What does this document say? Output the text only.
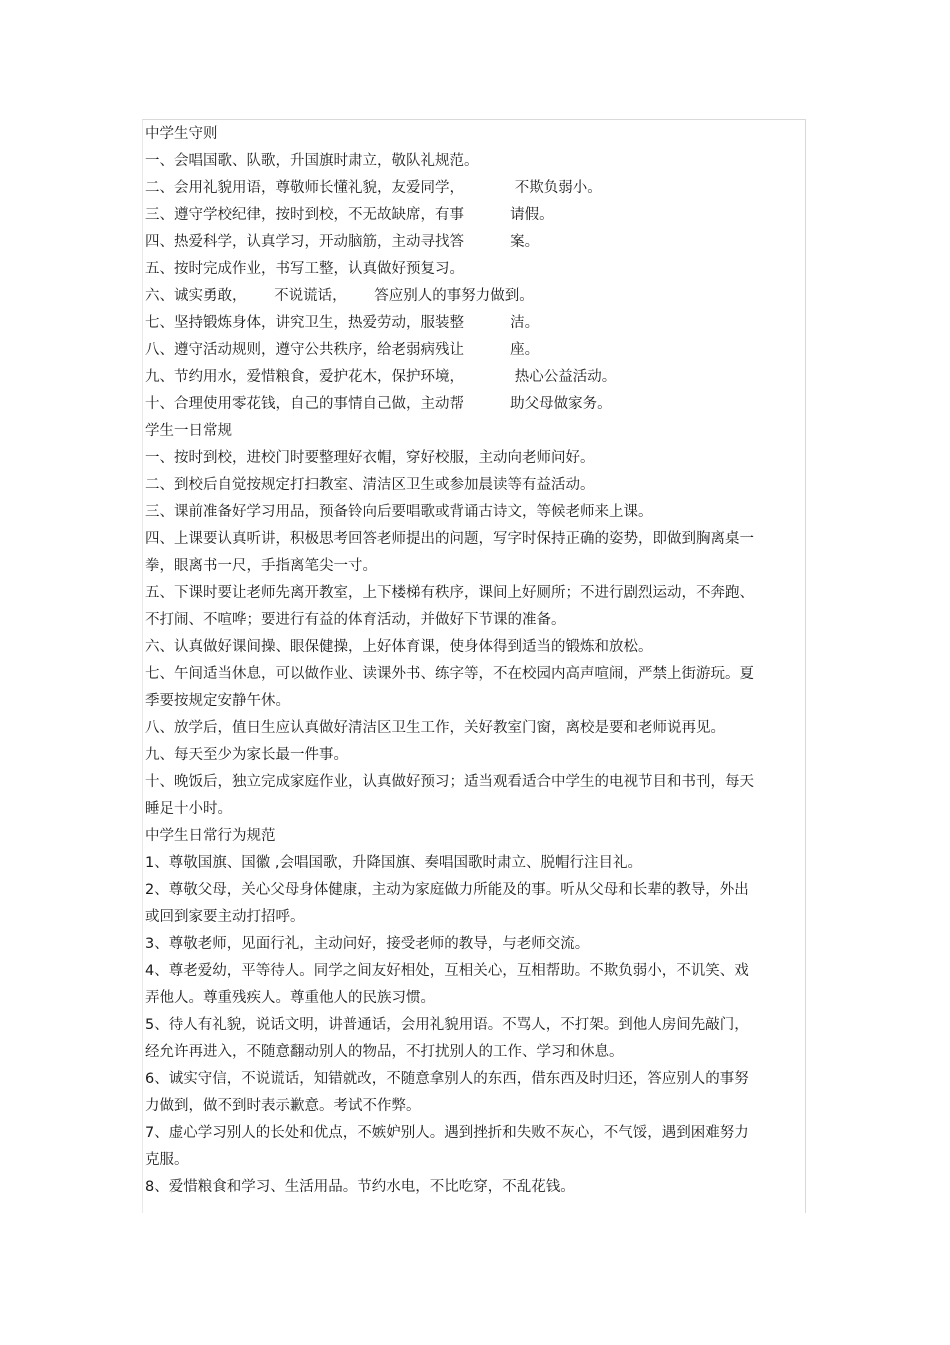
中学生守则
一、会唱国歌、队歌，升国旗时肃立，敬队礼规范。
二、会用礼貌用语，尊敬师长懂礼貌，友爱同学，           不欺负弱小。
三、遵守学校纪律，按时到校，不无故缺席，有事          请假。
四、热爱科学，认真学习，开动脑筋，主动寻找答          案。
五、按时完成作业，书写工整，认真做好预复习。
六、诚实勇敢，      不说谎话，      答应别人的事努力做到。
七、坚持锻炼身体，讲究卫生，热爱劳动，服装整          洁。
八、遵守活动规则，遵守公共秩序，给老弱病残让          座。
九、节约用水，爱惜粮食，爱护花木，保护环境，           热心公益活动。
十、合理使用零花钱，自己的事情自己做，主动帮          助父母做家务。
学生一日常规
一、按时到校，进校门时要整理好衣帽，穿好校服，主动向老师问好。
二、到校后自觉按规定打扫教室、清洁区卫生或参加晨读等有益活动。
三、课前准备好学习用品，预备铃向后要唱歌或背诵古诗文，等候老师来上课。
四、上课要认真听讲，积极思考回答老师提出的问题，写字时保持正确的姿势，即做到胸离桌一拳，眼离书一尺，手指离笔尖一寸。
五、下课时要让老师先离开教室，上下楼梯有秩序，课间上好厕所；不进行剧烈运动，不奔跑、不打闹、不喧哗；要进行有益的体育活动，并做好下节课的准备。
六、认真做好课间操、眼保健操，上好体育课，使身体得到适当的锻炼和放松。
七、午间适当休息，可以做作业、读课外书、练字等，不在校园内高声喧闹，严禁上街游玩。夏季要按规定安静午休。
八、放学后，值日生应认真做好清洁区卫生工作，关好教室门窗，离校是要和老师说再见。
九、每天至少为家长最一件事。
十、晚饭后，独立完成家庭作业，认真做好预习；适当观看适合中学生的电视节目和书刊，每天睡足十小时。
中学生日常行为规范
1、尊敬国旗、国徽 ,会唱国歌，升降国旗、奏唱国歌时肃立、脱帽行注目礼。
2、尊敬父母，关心父母身体健康，主动为家庭做力所能及的事。听从父母和长辈的教导，外出或回到家要主动打招呼。
3、尊敬老师，见面行礼，主动问好，接受老师的教导，与老师交流。
4、尊老爱幼，平等待人。同学之间友好相处，互相关心，互相帮助。不欺负弱小，不讥笑、戏弄他人。尊重残疾人。尊重他人的民族习惯。
5、待人有礼貌，说话文明，讲普通话，会用礼貌用语。不骂人，不打架。到他人房间先敲门，经允许再进入，不随意翻动别人的物品，不打扰别人的工作、学习和休息。
6、诚实守信，不说谎话，知错就改，不随意拿别人的东西，借东西及时归还，答应别人的事努力做到，做不到时表示歉意。考试不作弊。
7、虚心学习别人的长处和优点，不嫉妒别人。遇到挫折和失败不灰心，不气馁，遇到困难努力克服。
8、爱惜粮食和学习、生活用品。节约水电，不比吃穿，不乱花钱。
